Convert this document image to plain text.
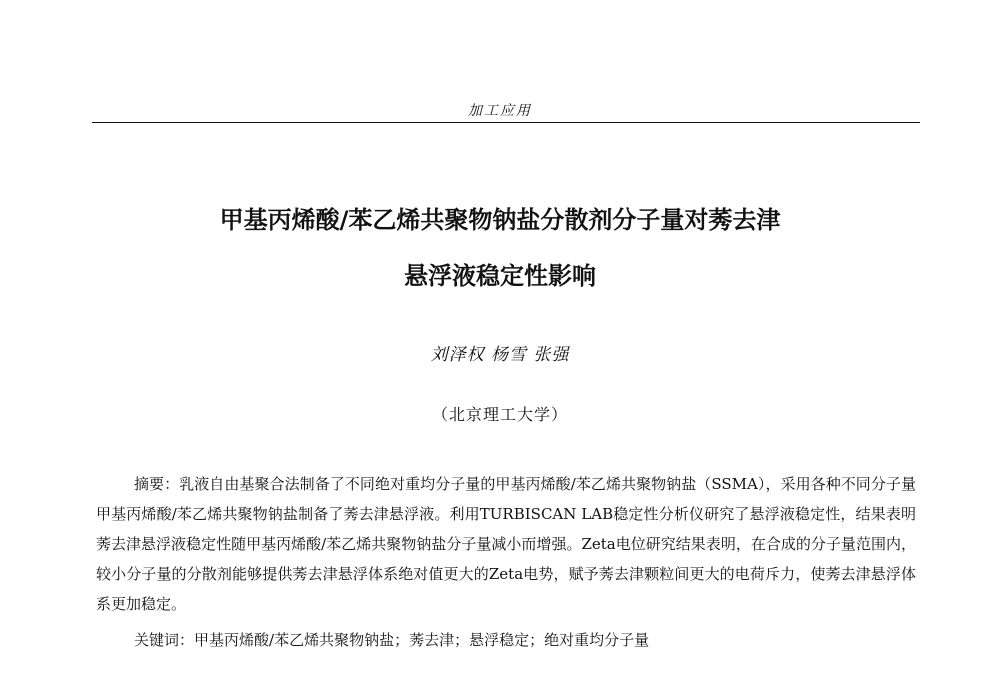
加工应用
甲基丙烯酸/苯乙烯共聚物钠盐分散剂分子量对莠去津
悬浮液稳定性影响
刘泽权 杨雪 张强
（北京理工大学）

摘要：乳液自由基聚合法制备了不同绝对重均分子量的甲基丙烯酸/苯乙烯共聚物钠盐（SSMA），采用各种不同分子量甲基丙烯酸/苯乙烯共聚物钠盐制备了莠去津悬浮液。利用TURBISCAN LAB稳定性分析仪研究了悬浮液稳定性，结果表明莠去津悬浮液稳定性随甲基丙烯酸/苯乙烯共聚物钠盐分子量减小而增强。Zeta电位研究结果表明，在合成的分子量范围内，较小分子量的分散剂能够提供莠去津悬浮体系绝对值更大的Zeta电势，赋予莠去津颗粒间更大的电荷斥力，使莠去津悬浮体系更加稳定。

关键词：甲基丙烯酸/苯乙烯共聚物钠盐；莠去津；悬浮稳定；绝对重均分子量
